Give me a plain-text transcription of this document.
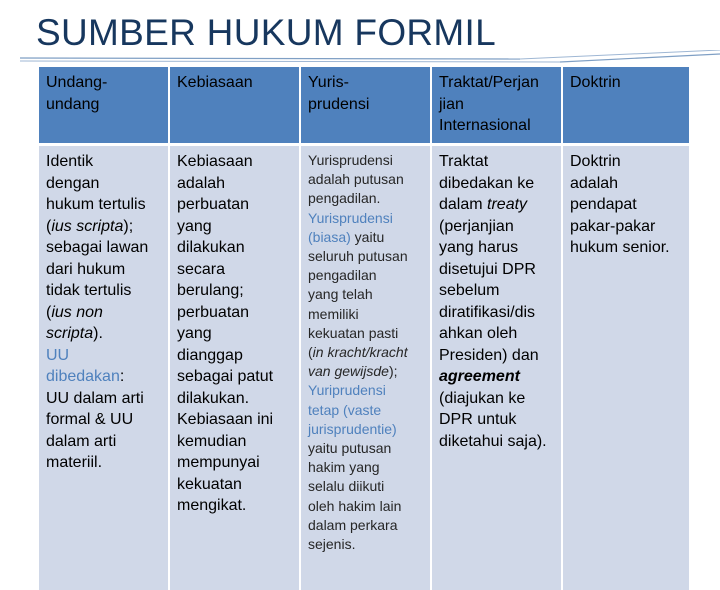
SUMBER HUKUM FORMIL
Undang-
undang
Kebiasaan	Yuris-
prudensi
Traktat/Perjan
jian
Internasional
Doktrin
Identik
dengan
hukum tertulis
(ius scripta);
sebagai lawan
dari hukum
tidak tertulis
(ius non
scripta).
UU
dibedakan:
UU dalam arti
formal & UU
dalam arti
materiil.
Kebiasaan
adalah
perbuatan
yang
dilakukan
secara
berulang;
perbuatan
yang
dianggap
sebagai patut
dilakukan.
Kebiasaan ini
kemudian
mempunyai
kekuatan
mengikat.
Yurisprudensi
adalah putusan
pengadilan.
Yurisprudensi
(biasa) yaitu
seluruh putusan
pengadilan
yang telah
memiliki
kekuatan pasti
(in kracht/kracht
van gewijsde);
Yuriprudensi
tetap (vaste
jurisprudentie)
yaitu putusan
hakim yang
selalu diikuti
oleh hakim lain
dalam perkara
sejenis.
Traktat
dibedakan ke
dalam treaty
(perjanjian
yang harus
disetujui DPR
sebelum
diratifikasi/dis
ahkan oleh
Presiden) dan
agreement
(diajukan ke
DPR untuk
diketahui saja).
Doktrin
adalah
pendapat
pakar-pakar
hukum senior.
